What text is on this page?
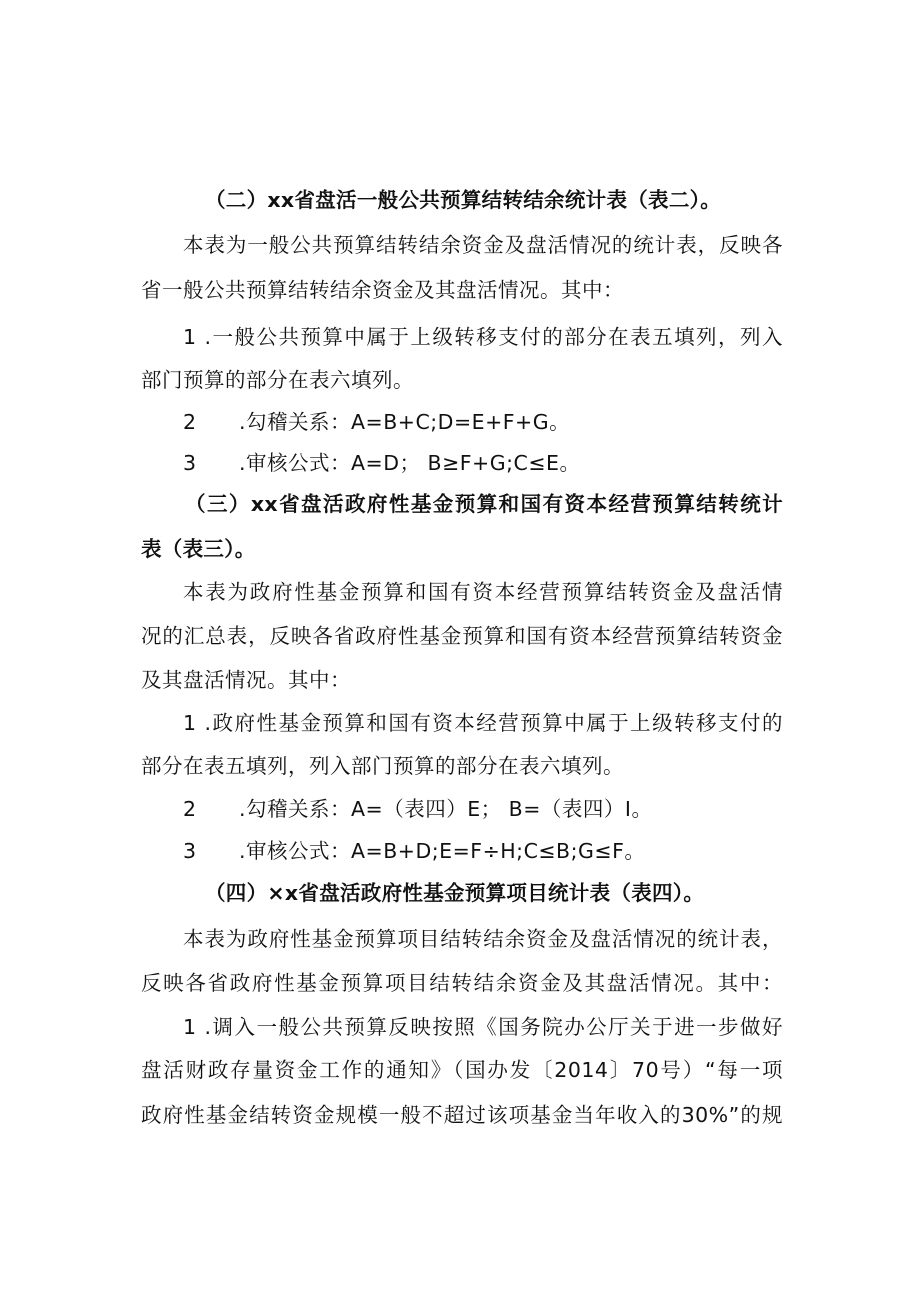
（二）xx省盘活一般公共预算结转结余统计表（表二）。
本表为一般公共预算结转结余资金及盘活情况的统计表，反映各
省一般公共预算结转结余资金及其盘活情况。其中：
1 .一般公共预算中属于上级转移支付的部分在表五填列，列入
部门预算的部分在表六填列。
2 .勾稽关系：A=B+C;D=E+F+G。
3 .审核公式：A=D； B≥F+G;C≤E。
（三）xx省盘活政府性基金预算和国有资本经营预算结转统计
表（表三）。
本表为政府性基金预算和国有资本经营预算结转资金及盘活情
况的汇总表，反映各省政府性基金预算和国有资本经营预算结转资金
及其盘活情况。其中：
1 .政府性基金预算和国有资本经营预算中属于上级转移支付的
部分在表五填列，列入部门预算的部分在表六填列。
2 .勾稽关系：A=（表四）E； B=（表四）I。
3 .审核公式：A=B+D;E=F÷H;C≤B;G≤F。
（四）×x省盘活政府性基金预算项目统计表（表四）。
本表为政府性基金预算项目结转结余资金及盘活情况的统计表，
反映各省政府性基金预算项目结转结余资金及其盘活情况。其中：
1 .调入一般公共预算反映按照《国务院办公厅关于进一步做好
盘活财政存量资金工作的通知》（国办发〔2014〕70号）“每一项
政府性基金结转资金规模一般不超过该项基金当年收入的30%”的规
